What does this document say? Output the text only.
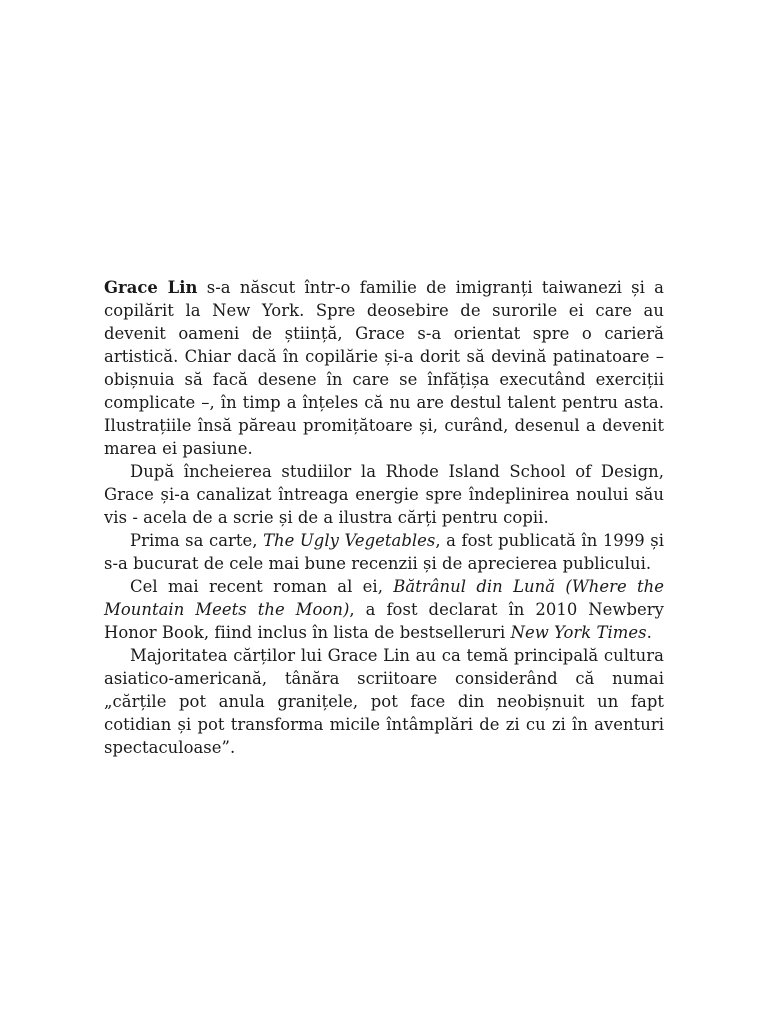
Grace Lin s-a născut într-o familie de imigranți taiwanezi și a copilărit la New York. Spre deosebire de surorile ei care au devenit oameni de știință, Grace s-a orientat spre o carieră artistică. Chiar dacă în copilărie și-a dorit să devină patinatoare – obișnuia să facă desene în care se înfățișa executând exerciții complicate –, în timp a înțeles că nu are destul talent pentru asta. Ilustrațiile însă păreau promițătoare și, curând, desenul a devenit marea ei pasiune.

După încheierea studiilor la Rhode Island School of Design, Grace și-a canalizat întreaga energie spre îndeplinirea noului său vis - acela de a scrie și de a ilustra cărți pentru copii.

Prima sa carte, The Ugly Vegetables, a fost publicată în 1999 și s-a bucurat de cele mai bune recenzii și de aprecierea publicului.

Cel mai recent roman al ei, Bătrânul din Lună (Where the Mountain Meets the Moon), a fost declarat în 2010 Newbery Honor Book, fiind inclus în lista de bestselleruri New York Times.

Majoritatea cărților lui Grace Lin au ca temă principală cultura asiatico-americană, tânăra scriitoare considerând că numai „cărțile pot anula granițele, pot face din neobișnuit un fapt cotidian și pot transforma micile întâmplări de zi cu zi în aventuri spectaculoase”.
